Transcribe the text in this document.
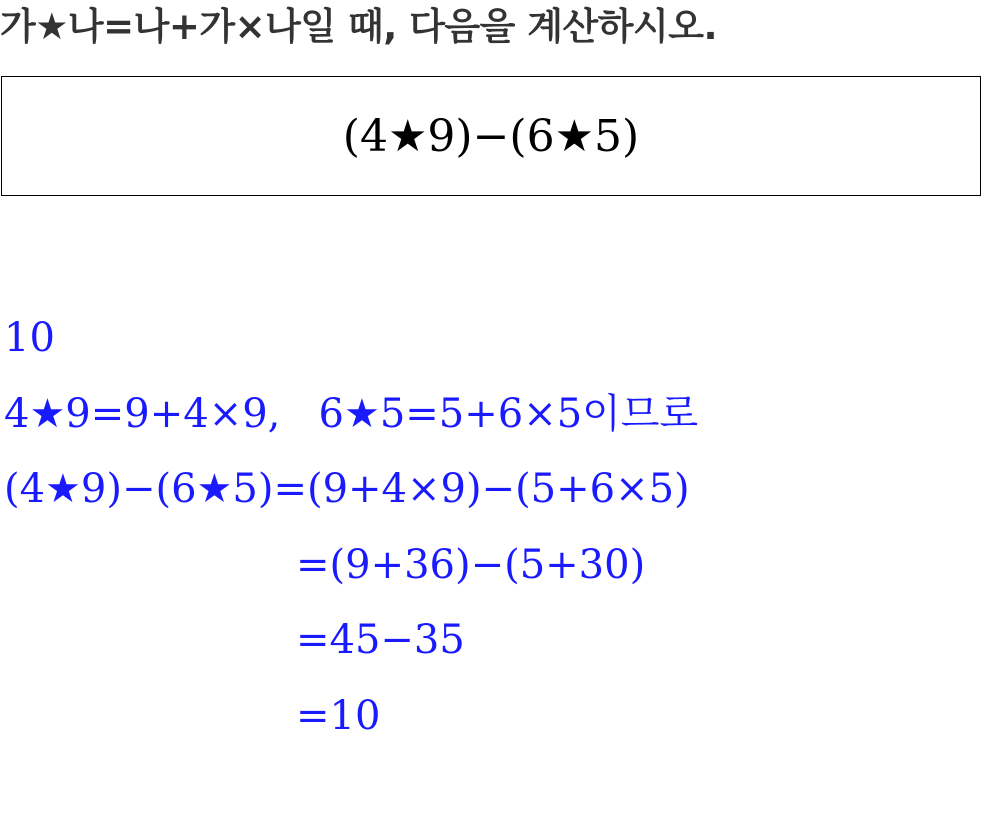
가★나=나+가×나일 때, 다음을 계산하시오.
(4★9)−(6★5)
10
4★9=9+4×9,   6★5=5+6×5이므로
(4★9)−(6★5)=(9+4×9)−(5+6×5)
=(9+36)−(5+30)
=45−35
=10
